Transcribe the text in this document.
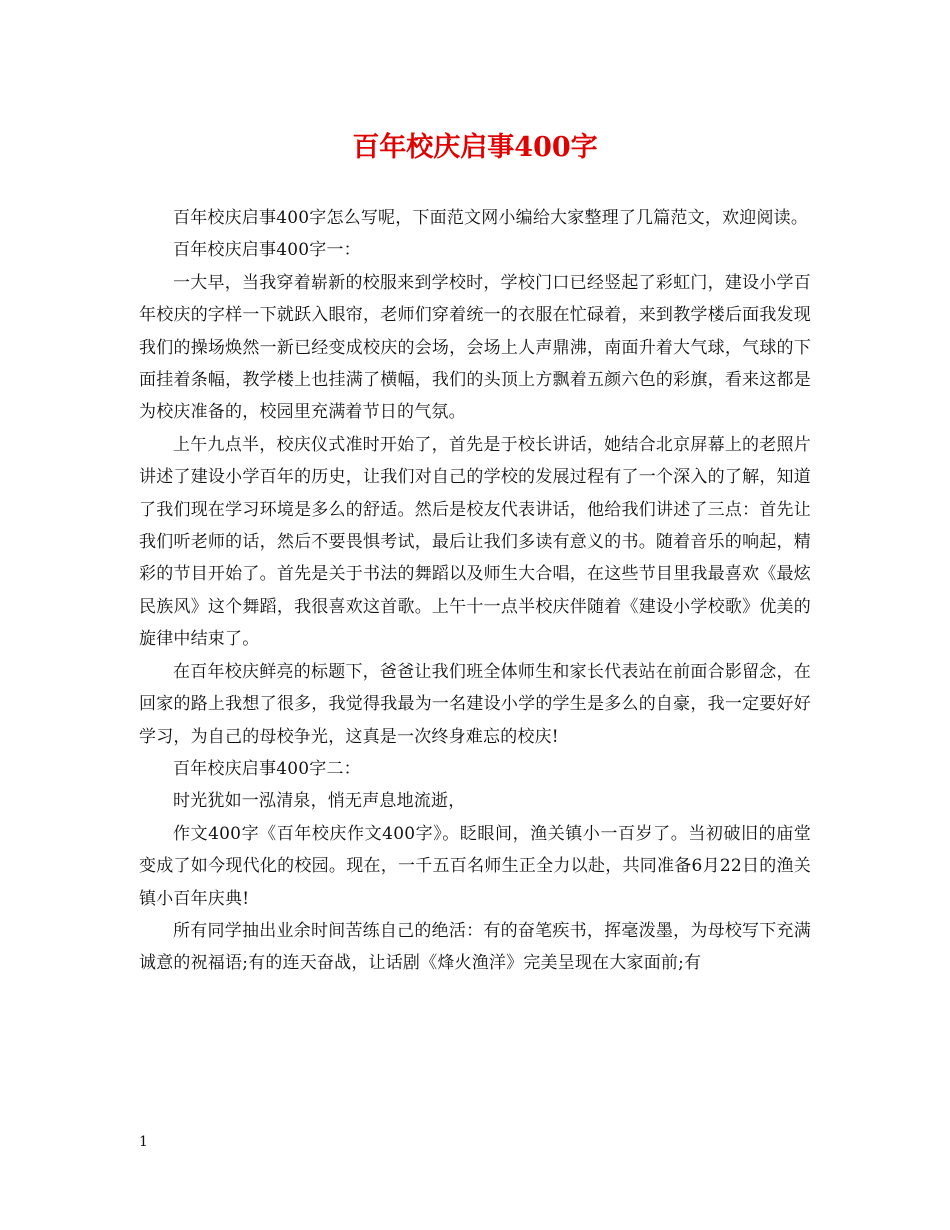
百年校庆启事400字

百年校庆启事400字怎么写呢，下面范文网小编给大家整理了几篇范文，欢迎阅读。

百年校庆启事400字一：

一大早，当我穿着崭新的校服来到学校时，学校门口已经竖起了彩虹门，建设小学百年校庆的字样一下就跃入眼帘，老师们穿着统一的衣服在忙碌着，来到教学楼后面我发现我们的操场焕然一新已经变成校庆的会场，会场上人声鼎沸，南面升着大气球，气球的下面挂着条幅，教学楼上也挂满了横幅，我们的头顶上方飘着五颜六色的彩旗，看来这都是为校庆准备的，校园里充满着节日的气氛。

上午九点半，校庆仪式准时开始了，首先是于校长讲话，她结合北京屏幕上的老照片讲述了建设小学百年的历史，让我们对自己的学校的发展过程有了一个深入的了解，知道了我们现在学习环境是多么的舒适。然后是校友代表讲话，他给我们讲述了三点：首先让我们听老师的话，然后不要畏惧考试，最后让我们多读有意义的书。随着音乐的响起，精彩的节目开始了。首先是关于书法的舞蹈以及师生大合唱，在这些节目里我最喜欢《最炫民族风》这个舞蹈，我很喜欢这首歌。上午十一点半校庆伴随着《建设小学校歌》优美的旋律中结束了。

在百年校庆鲜亮的标题下，爸爸让我们班全体师生和家长代表站在前面合影留念，在回家的路上我想了很多，我觉得我最为一名建设小学的学生是多么的自豪，我一定要好好学习，为自己的母校争光，这真是一次终身难忘的校庆!

百年校庆启事400字二：

时光犹如一泓清泉，悄无声息地流逝，

作文400字《百年校庆作文400字》。眨眼间，渔关镇小一百岁了。当初破旧的庙堂变成了如今现代化的校园。现在，一千五百名师生正全力以赴，共同准备6月22日的渔关镇小百年庆典!

所有同学抽出业余时间苦练自己的绝活：有的奋笔疾书，挥毫泼墨，为母校写下充满诚意的祝福语;有的连天奋战，让话剧《烽火渔洋》完美呈现在大家面前;有

1
